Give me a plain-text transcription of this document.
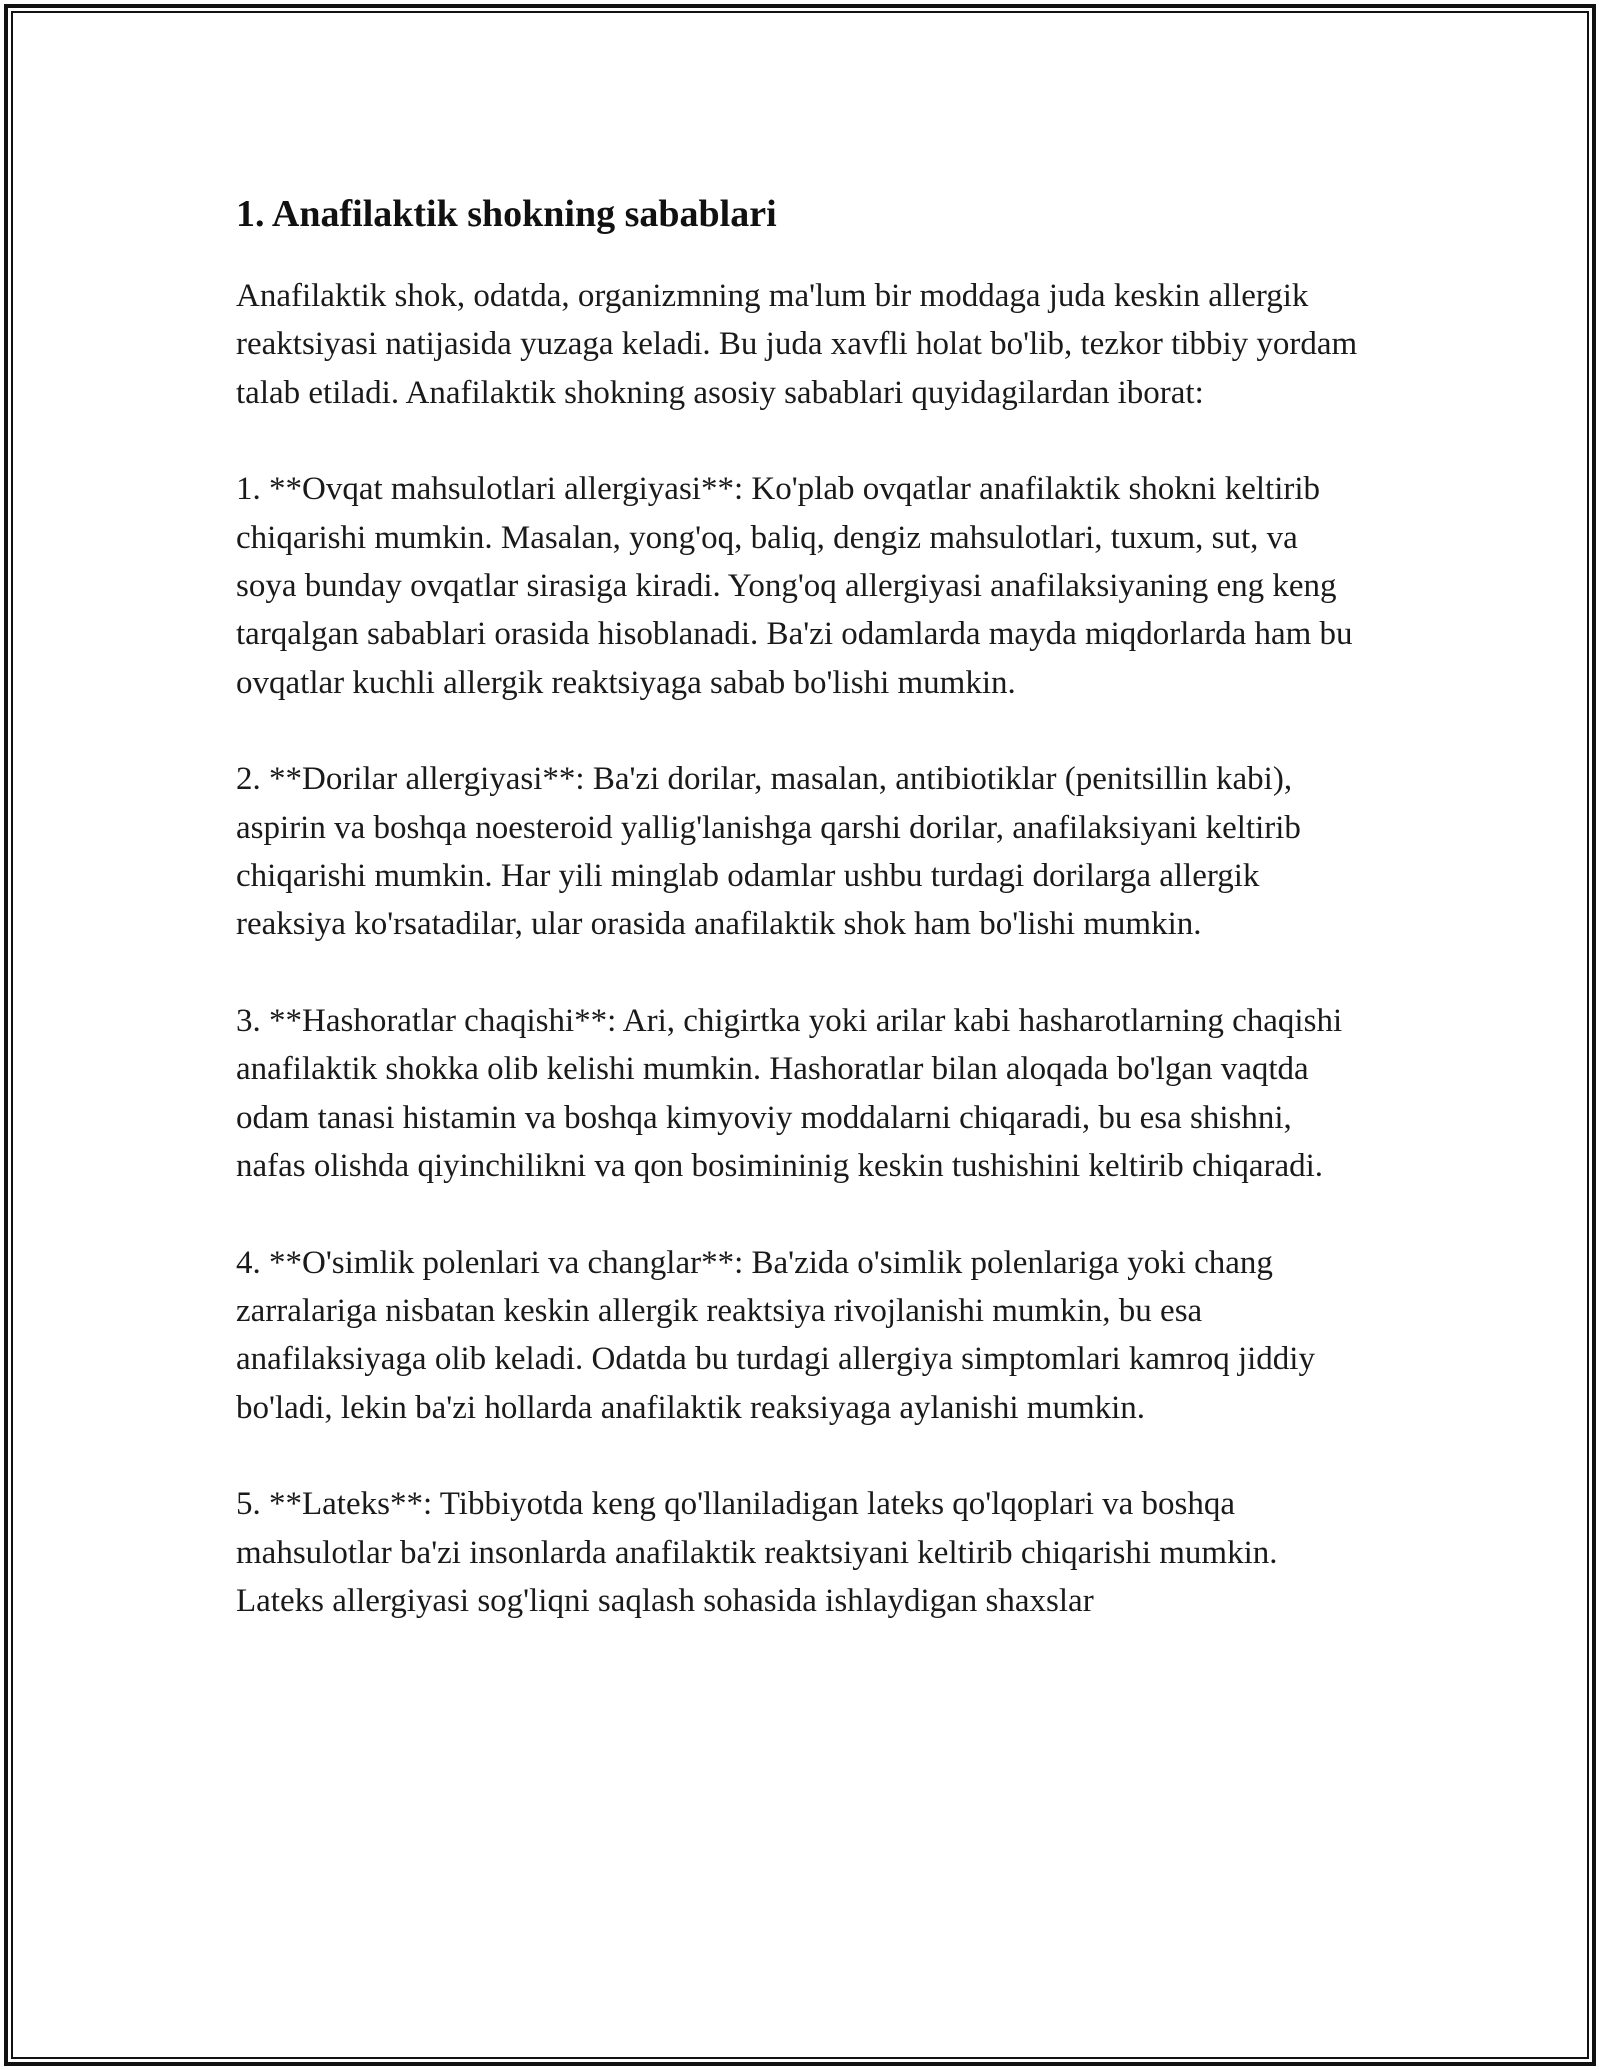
1. Anafilaktik shokning sabablari

Anafilaktik shok, odatda, organizmning ma'lum bir moddaga juda keskin allergik reaktsiyasi natijasida yuzaga keladi. Bu juda xavfli holat bo'lib, tezkor tibbiy yordam talab etiladi. Anafilaktik shokning asosiy sabablari quyidagilardan iborat:

1. **Ovqat mahsulotlari allergiyasi**: Ko'plab ovqatlar anafilaktik shokni keltirib chiqarishi mumkin. Masalan, yong'oq, baliq, dengiz mahsulotlari, tuxum, sut, va soya bunday ovqatlar sirasiga kiradi. Yong'oq allergiyasi anafilaksiyaning eng keng tarqalgan sabablari orasida hisoblanadi. Ba'zi odamlarda mayda miqdorlarda ham bu ovqatlar kuchli allergik reaktsiyaga sabab bo'lishi mumkin.

2. **Dorilar allergiyasi**: Ba'zi dorilar, masalan, antibiotiklar (penitsillin kabi), aspirin va boshqa noesteroid yallig'lanishga qarshi dorilar, anafilaksiyani keltirib chiqarishi mumkin. Har yili minglab odamlar ushbu turdagi dorilarga allergik reaksiya ko'rsatadilar, ular orasida anafilaktik shok ham bo'lishi mumkin.

3. **Hashoratlar chaqishi**: Ari, chigirtka yoki arilar kabi hasharotlarning chaqishi anafilaktik shokka olib kelishi mumkin. Hashoratlar bilan aloqada bo'lgan vaqtda odam tanasi histamin va boshqa kimyoviy moddalarni chiqaradi, bu esa shishni, nafas olishda qiyinchilikni va qon bosimininig keskin tushishini keltirib chiqaradi.

4. **O'simlik polenlari va changlar**: Ba'zida o'simlik polenlariga yoki chang zarralariga nisbatan keskin allergik reaktsiya rivojlanishi mumkin, bu esa anafilaksiyaga olib keladi. Odatda bu turdagi allergiya simptomlari kamroq jiddiy bo'ladi, lekin ba'zi hollarda anafilaktik reaksiyaga aylanishi mumkin.

5. **Lateks**: Tibbiyotda keng qo'llaniladigan lateks qo'lqoplari va boshqa mahsulotlar ba'zi insonlarda anafilaktik reaktsiyani keltirib chiqarishi mumkin. Lateks allergiyasi sog'liqni saqlash sohasida ishlaydigan shaxslar
